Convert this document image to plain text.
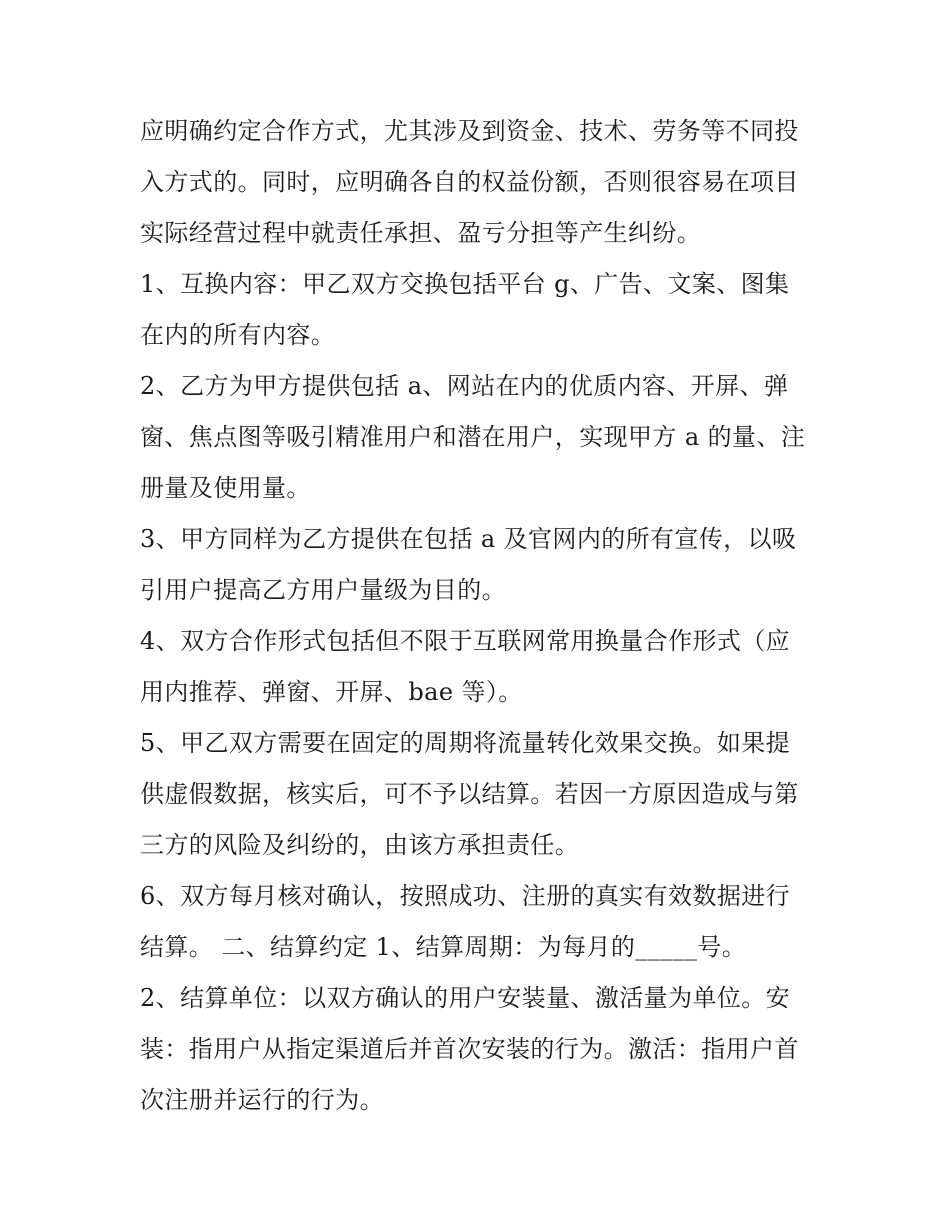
应明确约定合作方式，尤其涉及到资金、技术、劳务等不同投
入方式的。同时，应明确各自的权益份额，否则很容易在项目
实际经营过程中就责任承担、盈亏分担等产生纠纷。
1、互换内容：甲乙双方交换包括平台 g、广告、文案、图集
在内的所有内容。
2、乙方为甲方提供包括 a、网站在内的优质内容、开屏、弹
窗、焦点图等吸引精准用户和潜在用户，实现甲方 a 的量、注
册量及使用量。
3、甲方同样为乙方提供在包括 a 及官网内的所有宣传，以吸
引用户提高乙方用户量级为目的。
4、双方合作形式包括但不限于互联网常用换量合作形式（应
用内推荐、弹窗、开屏、bae 等）。
5、甲乙双方需要在固定的周期将流量转化效果交换。如果提
供虚假数据，核实后，可不予以结算。若因一方原因造成与第
三方的风险及纠纷的，由该方承担责任。
6、双方每月核对确认，按照成功、注册的真实有效数据进行
结算。 二、结算约定 1、结算周期：为每月的_____号。
2、结算单位：以双方确认的用户安装量、激活量为单位。安
装：指用户从指定渠道后并首次安装的行为。激活：指用户首
次注册并运行的行为。
